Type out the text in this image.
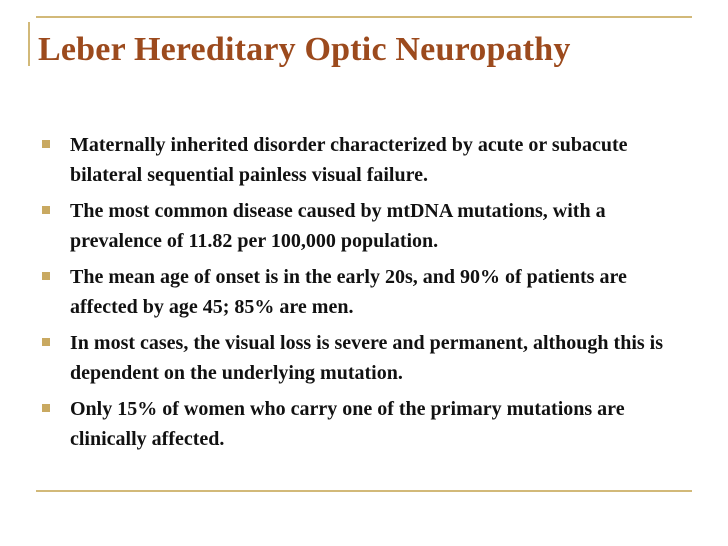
Leber Hereditary Optic Neuropathy
Maternally inherited disorder characterized by acute or subacute bilateral sequential painless visual failure.
The most common disease caused by mtDNA mutations, with a prevalence of 11.82 per 100,000 population.
The mean age of onset is in the early 20s, and 90% of patients are affected by age 45; 85% are men.
In most cases, the visual loss is severe and permanent, although this is dependent on the underlying mutation.
Only 15% of women who carry one of the primary mutations are clinically affected.
